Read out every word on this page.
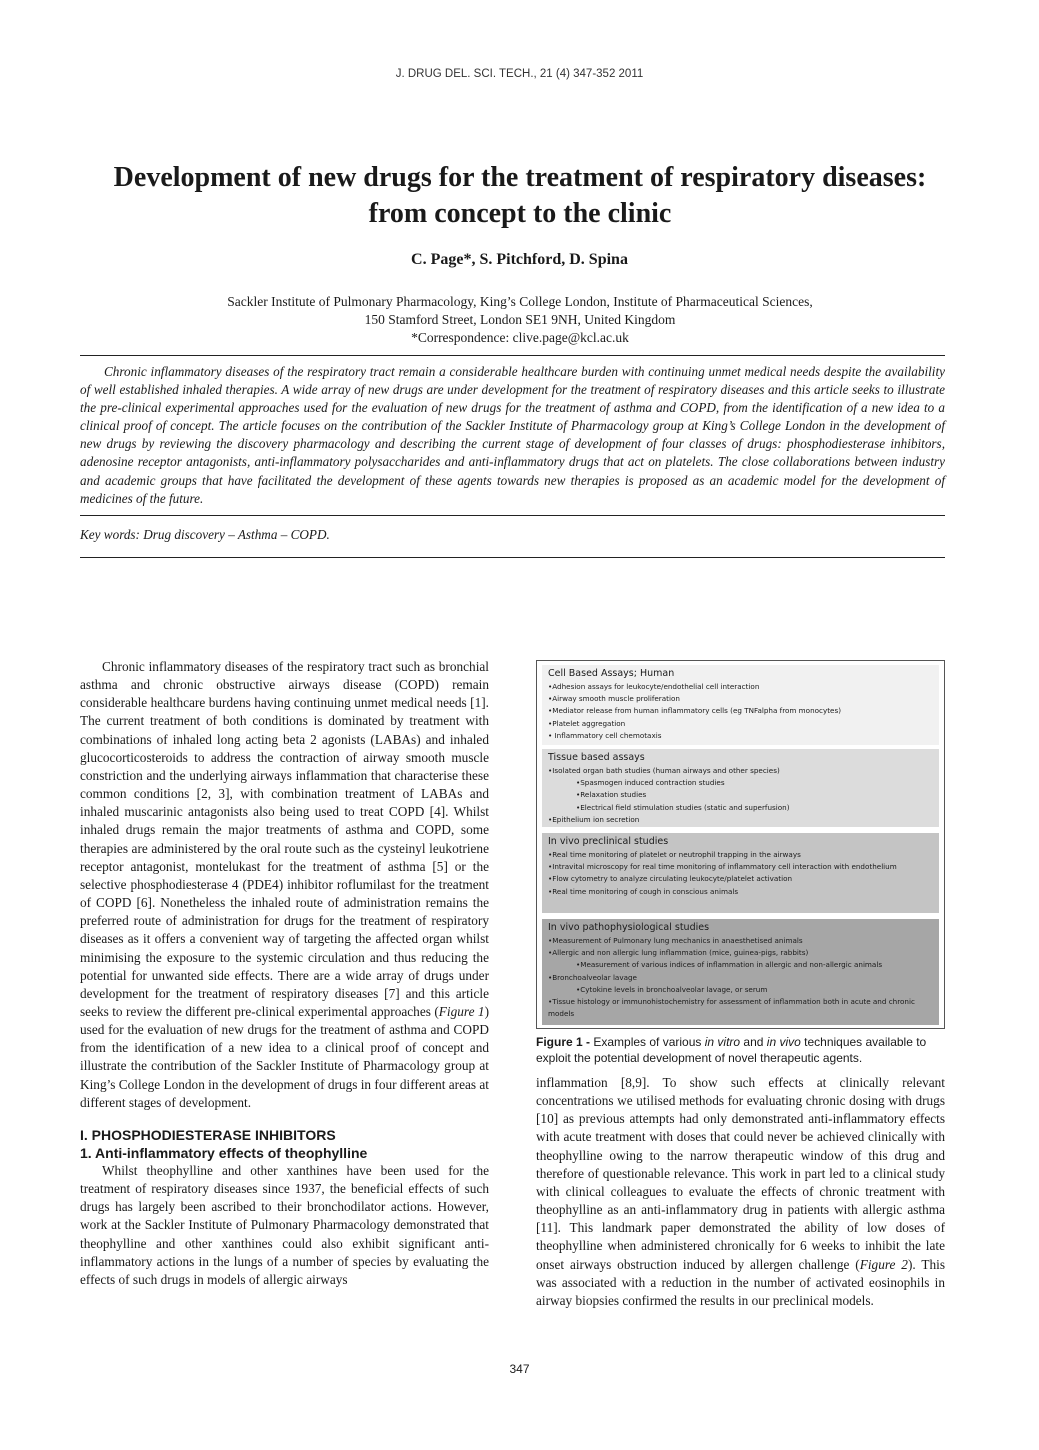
J. DRUG DEL. SCI. TECH., 21 (4) 347-352 2011
Development of new drugs for the treatment of respiratory diseases: from concept to the clinic
C. Page*, S. Pitchford, D. Spina
Sackler Institute of Pulmonary Pharmacology, King’s College London, Institute of Pharmaceutical Sciences,
150 Stamford Street, London SE1 9NH, United Kingdom
*Correspondence: clive.page@kcl.ac.uk
Chronic inflammatory diseases of the respiratory tract remain a considerable healthcare burden with continuing unmet medical needs despite the availability of well established inhaled therapies. A wide array of new drugs are under development for the treatment of respiratory diseases and this article seeks to illustrate the pre-clinical experimental approaches used for the evaluation of new drugs for the treatment of asthma and COPD, from the identification of a new idea to a clinical proof of concept. The article focuses on the contribution of the Sackler Institute of Pharmacology group at King’s College London in the development of new drugs by reviewing the discovery pharmacology and describing the current stage of development of four classes of drugs: phosphodiesterase inhibitors, adenosine receptor antagonists, anti-inflammatory polysaccharides and anti-inflammatory drugs that act on platelets. The close collaborations between industry and academic groups that have facilitated the development of these agents towards new therapies is proposed as an academic model for the development of medicines of the future.
Key words: Drug discovery – Asthma – COPD.

Chronic inflammatory diseases of the respiratory tract such as bronchial asthma and chronic obstructive airways disease (COPD) remain considerable healthcare burdens having continuing unmet medical needs [1]. The current treatment of both conditions is dominated by treatment with combinations of inhaled long acting beta 2 agonists (LABAs) and inhaled glucocorticosteroids to address the contraction of airway smooth muscle constriction and the underlying airways inflammation that characterise these common conditions [2, 3], with combination treatment of LABAs and inhaled muscarinic antagonists also being used to treat COPD [4]. Whilst inhaled drugs remain the major treatments of asthma and COPD, some therapies are administered by the oral route such as the cysteinyl leukotriene receptor antagonist, montelukast for the treatment of asthma [5] or the selective phosphodiesterase 4 (PDE4) inhibitor roflumilast for the treatment of COPD [6]. Nonetheless the inhaled route of administration remains the preferred route of administration for drugs for the treatment of respiratory diseases as it offers a convenient way of targeting the affected organ whilst minimising the exposure to the systemic circulation and thus reducing the potential for unwanted side effects. There are a wide array of drugs under development for the treatment of respiratory diseases [7] and this article seeks to review the different pre-clinical experimental approaches (Figure 1) used for the evaluation of new drugs for the treatment of asthma and COPD from the identification of a new idea to a clinical proof of concept and illustrate the contribution of the Sackler Institute of Pharmacology group at King’s College London in the development of drugs in four different areas at different stages of development.

I. PHOSPHODIESTERASE INHIBITORS
1. Anti-inflammatory effects of theophylline

Whilst theophylline and other xanthines have been used for the treatment of respiratory diseases since 1937, the beneficial effects of such drugs has largely been ascribed to their bronchodilator actions. However, work at the Sackler Institute of Pulmonary Pharmacology demonstrated that theophylline and other xanthines could also exhibit significant anti-inflammatory actions in the lungs of a number of species by evaluating the effects of such drugs in models of allergic airways

Cell Based Assays; Human
•Adhesion assays for leukocyte/endothelial cell interaction
•Airway smooth muscle proliferation
•Mediator release from human inflammatory cells (eg TNFalpha from monocytes)
•Platelet aggregation
• Inflammatory cell chemotaxis
Tissue based assays
•Isolated organ bath studies (human airways and other species)
•Spasmogen induced contraction studies
•Relaxation studies
•Electrical field stimulation studies (static and superfusion)
•Epithelium ion secretion
In vivo preclinical studies
•Real time monitoring of platelet or neutrophil trapping in the airways
•Intravital microscopy for real time monitoring of inflammatory cell interaction with endothelium
•Flow cytometry to analyze circulating leukocyte/platelet activation
•Real time monitoring of cough in conscious animals
In vivo pathophysiological studies
•Measurement of Pulmonary lung mechanics in anaesthetised animals
•Allergic and non allergic lung inflammation (mice, guinea-pigs, rabbits)
•Measurement of various indices of inflammation in allergic and non-allergic animals
•Bronchoalveolar lavage
•Cytokine levels in bronchoalveolar lavage, or serum
•Tissue histology or immunohistochemistry for assessment of inflammation both in acute and chronic models
Figure 1 - Examples of various in vitro and in vivo techniques available to exploit the potential development of novel therapeutic agents.

inflammation [8,9]. To show such effects at clinically relevant concentrations we utilised methods for evaluating chronic dosing with drugs [10] as previous attempts had only demonstrated anti-inflammatory effects with acute treatment with doses that could never be achieved clinically with theophylline owing to the narrow therapeutic window of this drug and therefore of questionable relevance. This work in part led to a clinical study with clinical colleagues to evaluate the effects of chronic treatment with theophylline as an anti-inflammatory drug in patients with allergic asthma [11]. This landmark paper demonstrated the ability of low doses of theophylline when administered chronically for 6 weeks to inhibit the late onset airways obstruction induced by allergen challenge (Figure 2). This was associated with a reduction in the number of activated eosinophils in airway biopsies confirmed the results in our preclinical models.

347
